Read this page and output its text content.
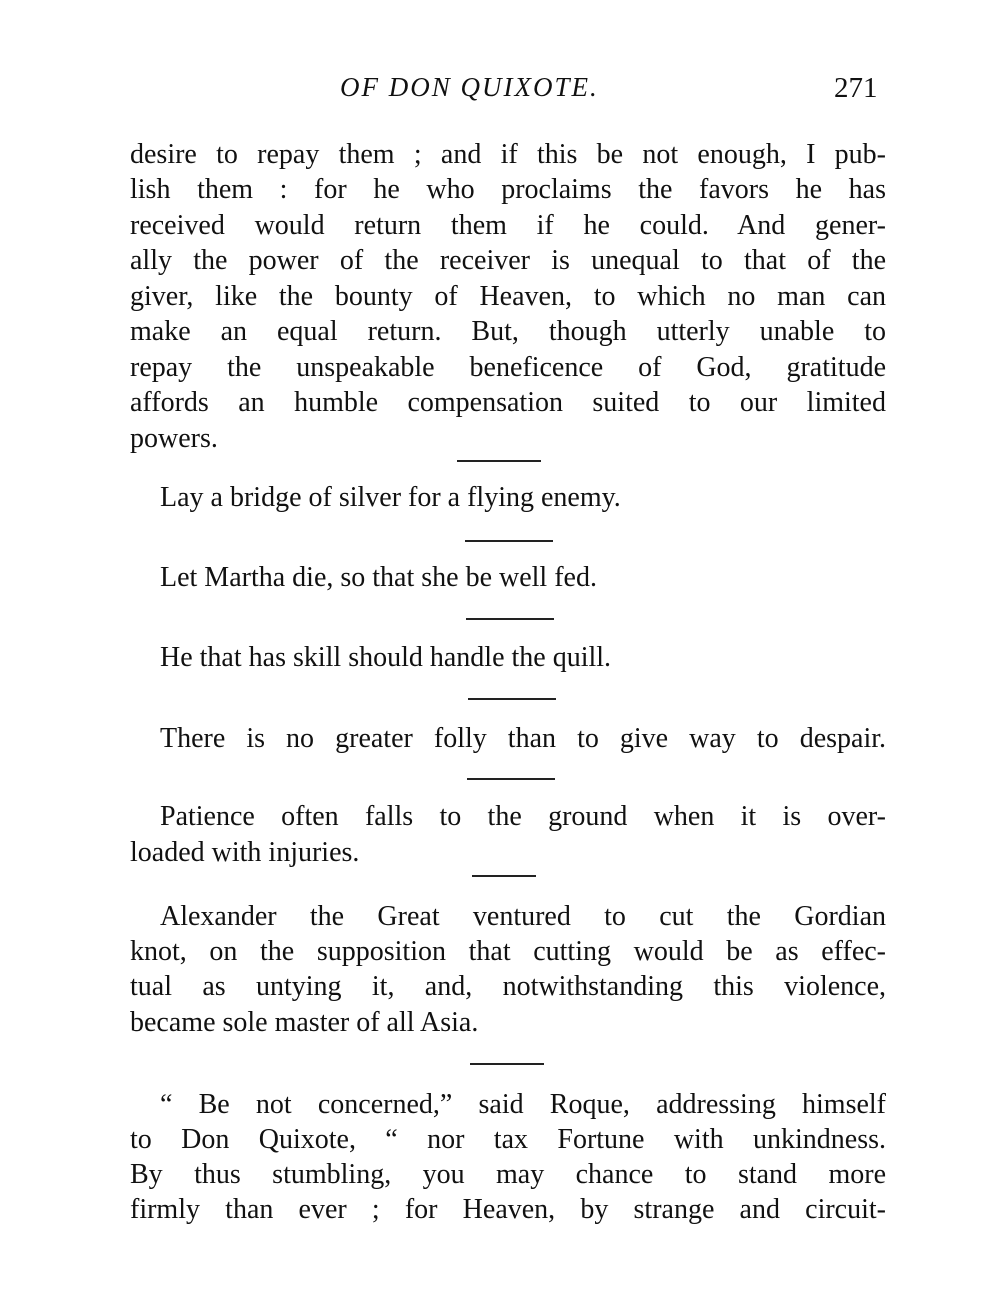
OF DON QUIXOTE.	271
desire to repay them ; and if this be not enough, I pub-
lish them : for he who proclaims the favors he has
received would return them if he could. And gener-
ally the power of the receiver is unequal to that of the
giver, like the bounty of Heaven, to which no man can
make an equal return. But, though utterly unable to
repay the unspeakable beneficence of God, gratitude
affords an humble compensation suited to our limited
powers.
Lay a bridge of silver for a flying enemy.
Let Martha die, so that she be well fed.
He that has skill should handle the quill.
There is no greater folly than to give way to despair.
Patience often falls to the ground when it is over-
loaded with injuries.
Alexander the Great ventured to cut the Gordian
knot, on the supposition that cutting would be as effec-
tual as untying it, and, notwithstanding this violence,
became sole master of all Asia.
“ Be not concerned,” said Roque, addressing himself
to Don Quixote, “ nor tax Fortune with unkindness.
By thus stumbling, you may chance to stand more
firmly than ever ; for Heaven, by strange and circuit-
